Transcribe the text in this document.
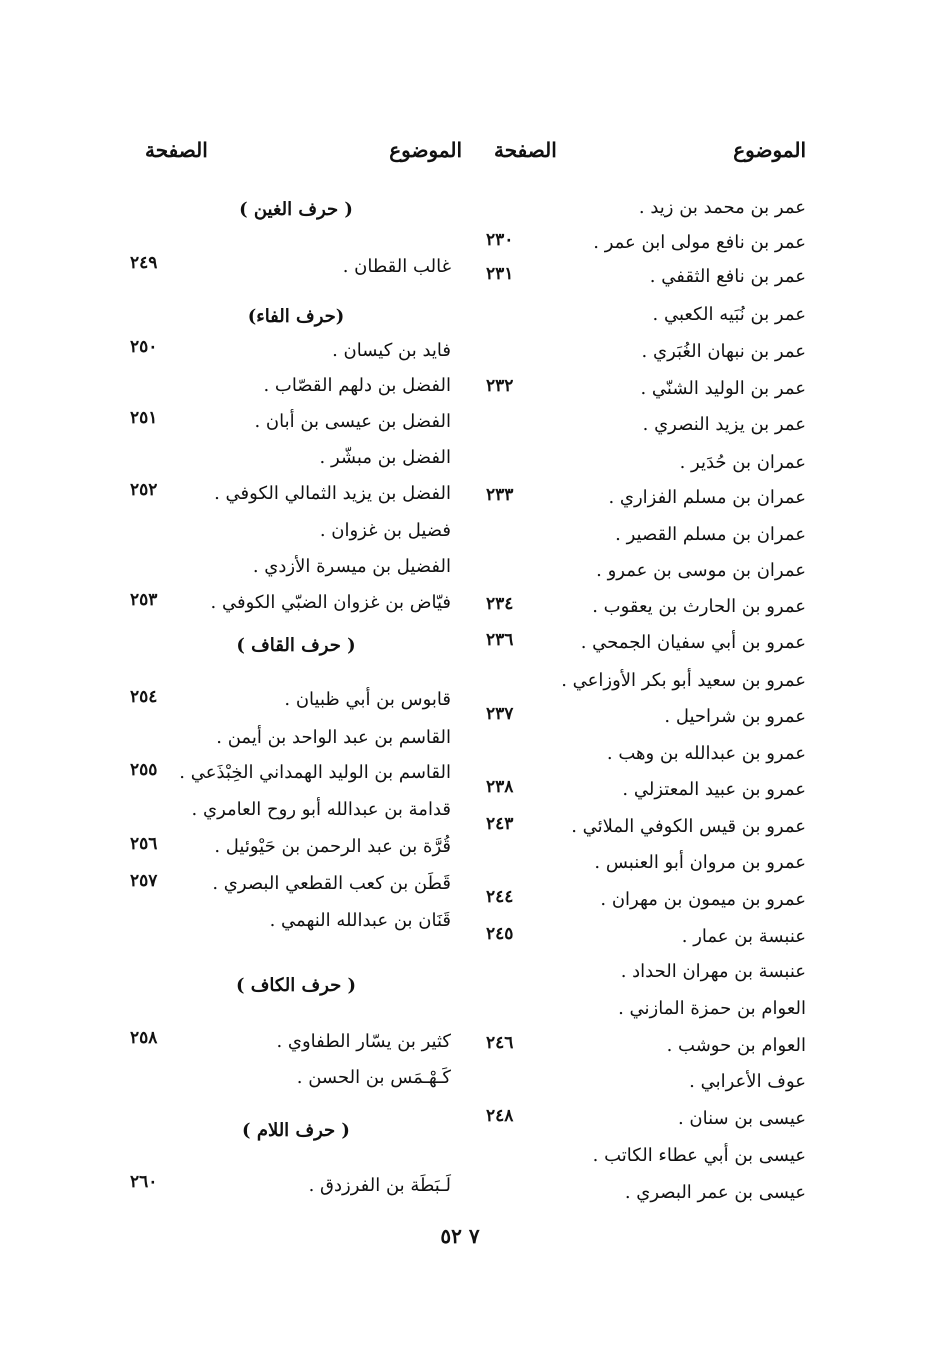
الموضوع
الصفحة
الموضوع
الصفحة
عمر بن محمد بن زيد .
عمر بن نافع مولى ابن عمر .
٢٣٠
عمر بن نافع الثقفي .
٢٣١
عمر بن نُبَيه الكعبي .
عمر بن نبهان الغُبَري .
عمر بن الوليد الشنّي .
٢٣٢
عمر بن يزيد النصري .
عمران بن حُدَير .
عمران بن مسلم الفزاري .
٢٣٣
عمران بن مسلم القصير .
عمران بن موسى بن عمرو .
عمرو بن الحارث بن يعقوب .
٢٣٤
عمرو بن أبي سفيان الجمحي .
٢٣٦
عمرو بن سعيد أبو بكر الأوزاعي .
عمرو بن شراحيل .
٢٣٧
عمرو بن عبدالله بن وهب .
عمرو بن عبيد المعتزلي .
٢٣٨
عمرو بن قيس الكوفي الملائي .
٢٤٣
عمرو بن مروان أبو العنبس .
عمرو بن ميمون بن مهران .
٢٤٤
عنبسة بن عمار .
٢٤٥
عنبسة بن مهران الحداد .
العوام بن حمزة المازني .
العوام بن حوشب .
٢٤٦
عوف الأعرابي .
عيسى بن سنان .
٢٤٨
عيسى بن أبي عطاء الكاتب .
عيسى بن عمر البصري .
( حرف الغين )
(حرف الفاء)
( حرف القاف )
( حرف الكاف )
( حرف اللام )
غالب القطان .
٢٤٩
فايد بن كيسان .
٢٥٠
الفضل بن دلهم القصّاب .
الفضل بن عيسى بن أبان .
٢٥١
الفضل بن مبشّر .
الفضل بن يزيد الثمالي الكوفي .
٢٥٢
فضيل بن غزوان .
الفضيل بن ميسرة الأزدي .
فيّاض بن غزوان الضبّي الكوفي .
٢٥٣
قابوس بن أبي ظبيان .
٢٥٤
القاسم بن عبد الواحد بن أيمن .
القاسم بن الوليد الهمداني الخِبْذَعي .
٢٥٥
قدامة بن عبدالله أبو روح العامري .
قُرَّة بن عبد الرحمن بن حَيْوئيل .
٢٥٦
قَطَن بن كعب القطعي البصري .
٢٥٧
قَنَان بن عبدالله النهمي .
كثير بن يسّار الطفاوي .
٢٥٨
كَـهْـمَس بن الحسن .
لَـبَطَة بن الفرزدق .
٢٦٠
٧ ٥٢
